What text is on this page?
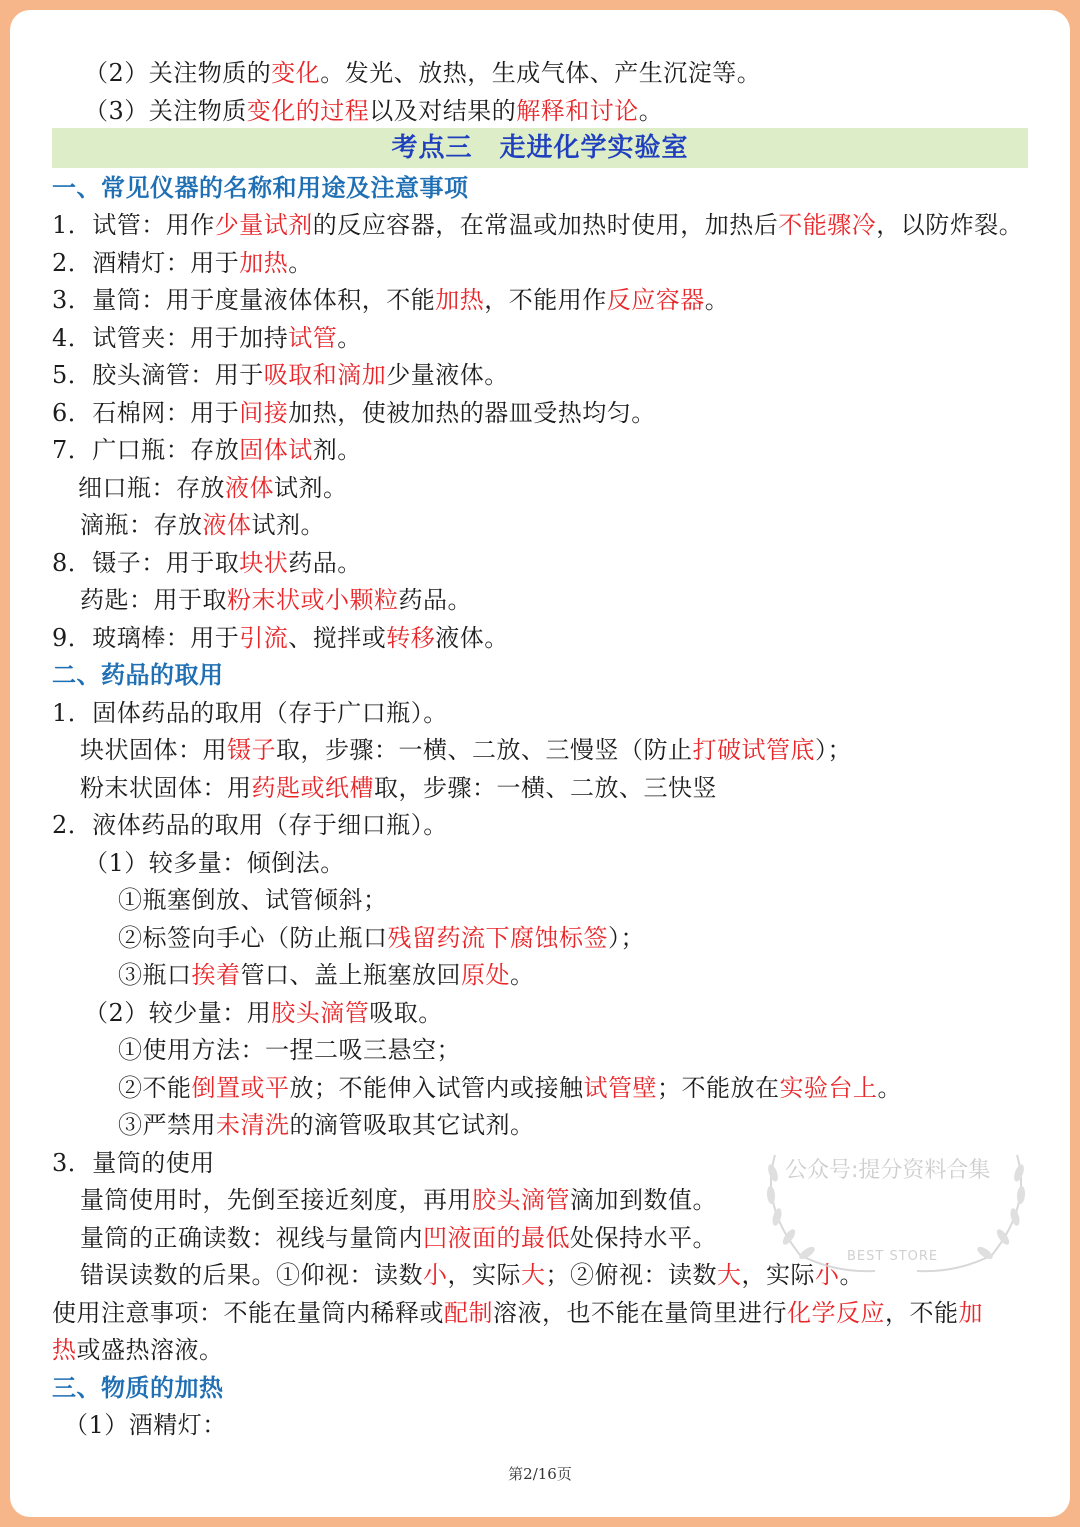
考点三　走进化学实验室
（2）关注物质的变化。发光、放热，生成气体、产生沉淀等。
（3）关注物质变化的过程以及对结果的解释和讨论。
一、常见仪器的名称和用途及注意事项
1．试管：用作少量试剂的反应容器，在常温或加热时使用，加热后不能骤冷，以防炸裂。
2．酒精灯：用于加热。
3．量筒：用于度量液体体积，不能加热，不能用作反应容器。
4．试管夹：用于加持试管。
5．胶头滴管：用于吸取和滴加少量液体。
6．石棉网：用于间接加热，使被加热的器皿受热均匀。
7．广口瓶：存放固体试剂。
细口瓶：存放液体试剂。
滴瓶：存放液体试剂。
8．镊子：用于取块状药品。
药匙：用于取粉末状或小颗粒药品。
9．玻璃棒：用于引流、搅拌或转移液体。
二、药品的取用
1．固体药品的取用（存于广口瓶）。
块状固体：用镊子取，步骤：一横、二放、三慢竖（防止打破试管底）；
粉末状固体：用药匙或纸槽取，步骤：一横、二放、三快竖
2．液体药品的取用（存于细口瓶）。
（1）较多量：倾倒法。
①瓶塞倒放、试管倾斜；
②标签向手心（防止瓶口残留药流下腐蚀标签）；
③瓶口挨着管口、盖上瓶塞放回原处。
（2）较少量：用胶头滴管吸取。
①使用方法：一捏二吸三悬空；
②不能倒置或平放；不能伸入试管内或接触试管壁；不能放在实验台上。
③严禁用未清洗的滴管吸取其它试剂。
3．量筒的使用
量筒使用时，先倒至接近刻度，再用胶头滴管滴加到数值。
量筒的正确读数：视线与量筒内凹液面的最低处保持水平。
错误读数的后果。①仰视：读数小，实际大；②俯视：读数大，实际小。
使用注意事项：不能在量筒内稀释或配制溶液，也不能在量筒里进行化学反应，不能加
热或盛热溶液。
三、物质的加热
（1）酒精灯：
公众号:提分资料合集
BEST STORE
第2/16页
